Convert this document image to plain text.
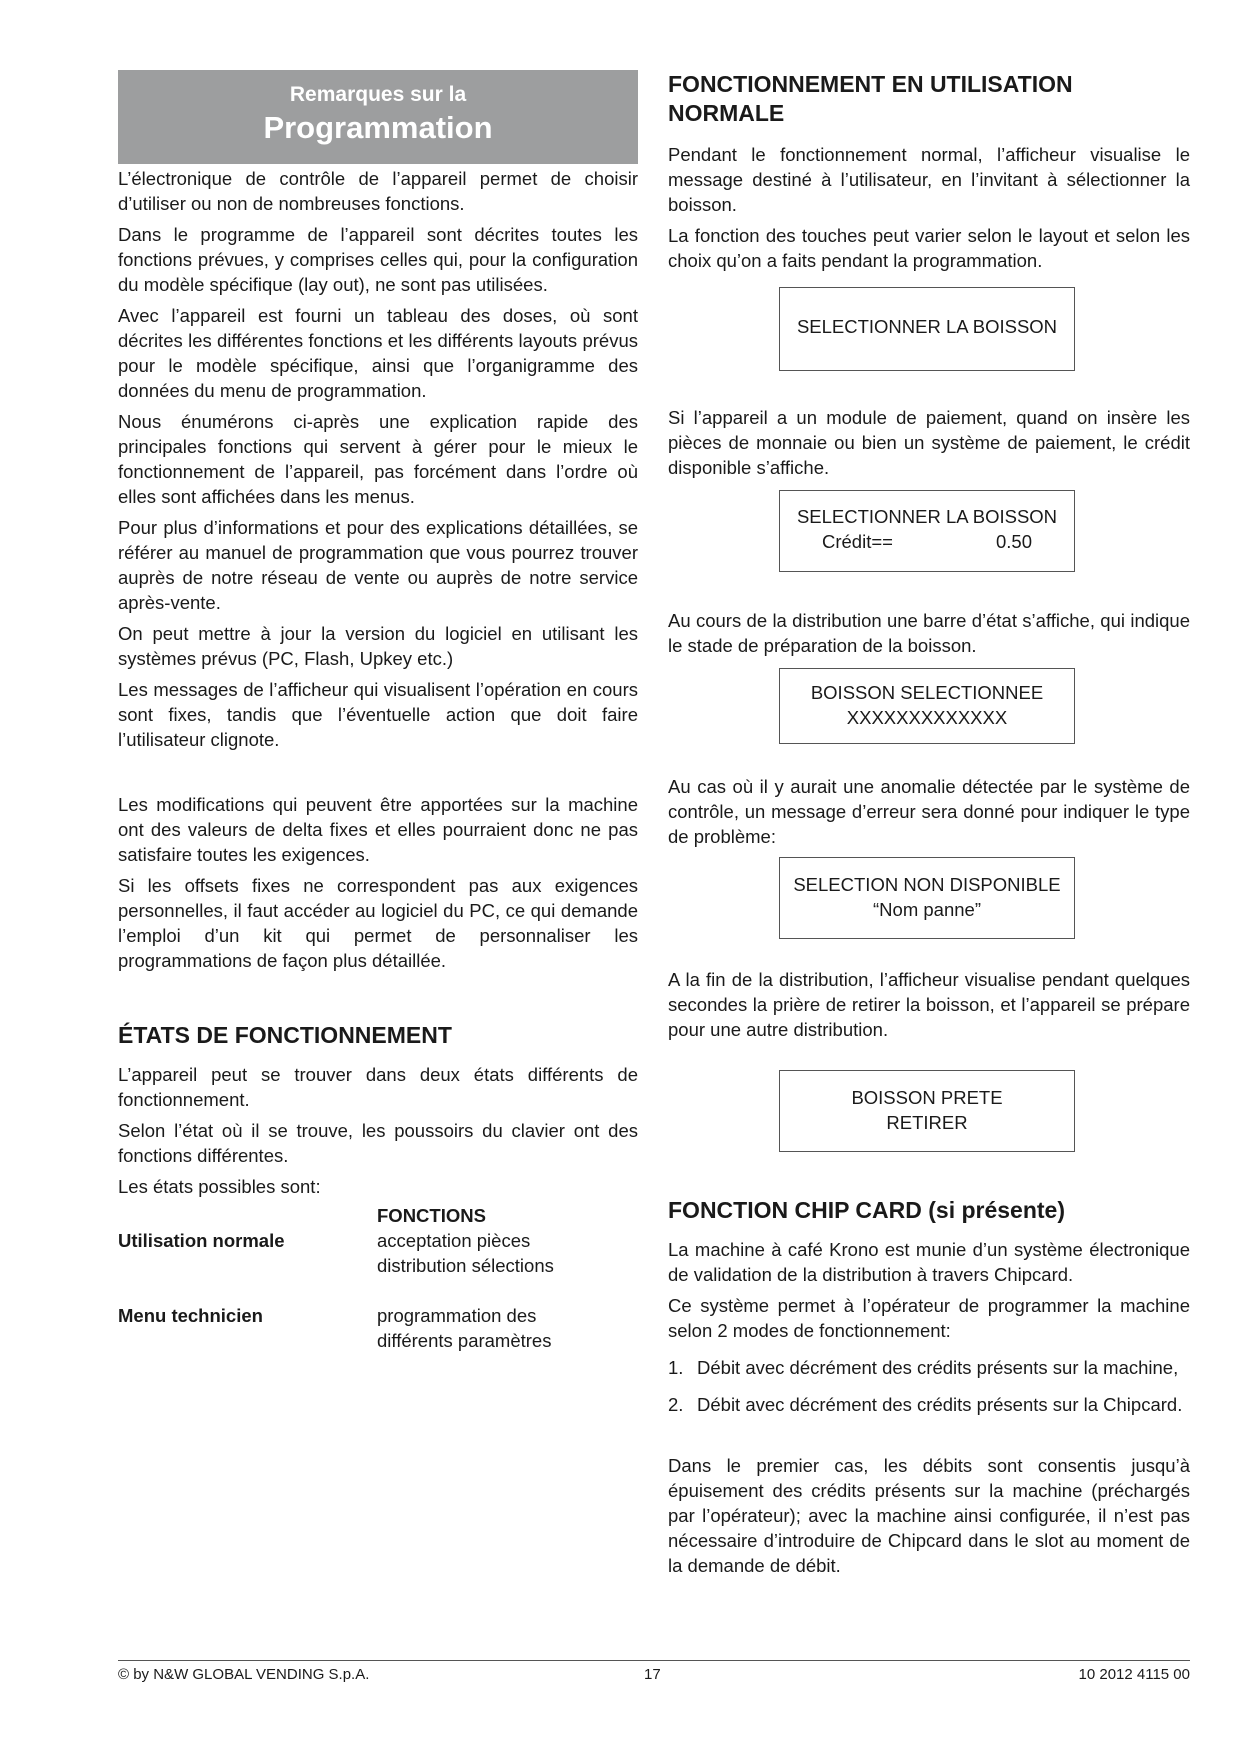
Remarques sur la
Programmation

L’électronique de contrôle de l’appareil permet de choisir d’utiliser ou non de nombreuses fonctions.

Dans le programme de l’appareil sont décrites toutes les fonctions prévues, y comprises celles qui, pour la configuration du modèle spécifique (lay out), ne sont pas utilisées.

Avec l’appareil est fourni un tableau des doses, où sont décrites les différentes fonctions et les différents layouts prévus pour le modèle spécifique, ainsi que l’organigramme des données du menu de programmation.

Nous énumérons ci-après une explication rapide des principales fonctions qui servent à gérer pour le mieux le fonctionnement de l’appareil, pas forcément dans l’ordre où elles sont affichées dans les menus.

Pour plus d’informations et pour des explications détaillées, se référer au manuel de programmation que vous pourrez trouver auprès de notre réseau de vente ou auprès de notre service après-vente.

On peut mettre à jour la version du logiciel en utilisant les systèmes prévus (PC, Flash, Upkey etc.)

Les messages de l’afficheur qui visualisent l’opération en cours sont fixes, tandis que l’éventuelle action que doit faire l’utilisateur clignote.

Les modifications qui peuvent être apportées sur la machine ont des valeurs de delta fixes et elles pourraient donc ne pas satisfaire toutes les exigences.

Si les offsets fixes ne correspondent pas aux exigences personnelles, il faut accéder au logiciel du PC, ce qui demande l’emploi d’un kit qui permet de personnaliser les programmations de façon plus détaillée.

ÉTATS DE FONCTIONNEMENT

L’appareil peut se trouver dans deux états différents de fonctionnement.

Selon l’état où il se trouve, les poussoirs du clavier ont des fonctions différentes.

Les états possibles sont:

FONCTIONS
Utilisation normale	acceptation pièces
distribution sélections
Menu technicien	programmation des
différents paramètres
FONCTIONNEMENT EN UTILISATION NORMALE

Pendant le fonctionnement normal, l’afficheur visualise le message destiné à l’utilisateur, en l’invitant à sélectionner la boisson.

La fonction des touches peut varier selon le layout et selon les choix qu’on a faits pendant la programmation.

SELECTIONNER LA BOISSON

Si l’appareil a un module de paiement, quand on insère les pièces de monnaie ou bien un système de paiement, le crédit disponible s’affiche.

SELECTIONNER LA BOISSON
Crédit==	0.50

Au cours de la distribution une barre d’état s’affiche, qui indique le stade de préparation de la boisson.

BOISSON SELECTIONNEE
XXXXXXXXXXXXX

Au cas où il y aurait une anomalie détectée par le système de contrôle, un message d’erreur sera donné pour indiquer le type de problème:

SELECTION NON DISPONIBLE
“Nom panne”

A la fin de la distribution, l’afficheur visualise pendant quelques secondes la prière de retirer la boisson, et l’appareil se prépare pour une autre distribution.

BOISSON PRETE
RETIRER
FONCTION CHIP CARD (si présente)

La machine à café Krono est munie d’un système électronique de validation de la distribution à travers Chipcard.

Ce système permet à l’opérateur de programmer la machine selon 2 modes de fonctionnement:

1. Débit avec décrément des crédits présents sur la machine,
2. Débit avec décrément des crédits présents sur la Chipcard.

Dans le premier cas, les débits sont consentis jusqu’à épuisement des crédits présents sur la machine (préchargés par l’opérateur); avec la machine ainsi configurée, il n’est pas nécessaire d’introduire de Chipcard dans le slot au moment de la demande de débit.

© by N&W GLOBAL VENDING S.p.A.	17	10 2012 4115 00
